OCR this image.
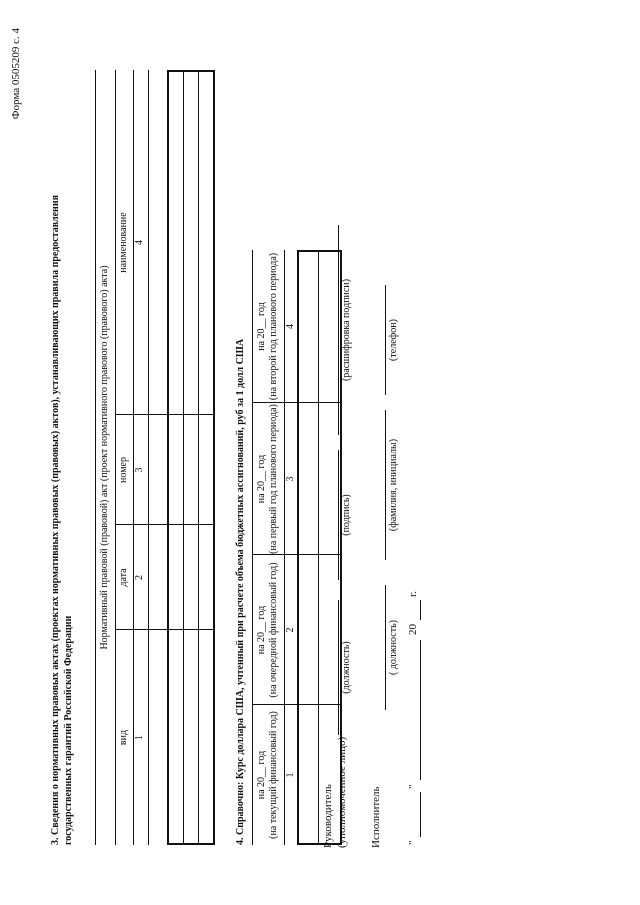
Форма 0505209 с. 4
3. Сведения о нормативных правовых актах (проектах нормативных правовых (правовых) актов), устанавливающих правила предоставления государственных гарантий Российской Федерации
Нормативный правовой (правовой) акт (проект нормативного правового (правового) акта)
вид
дата
номер
наименование
1
2
3
4
4. Справочно: Курс доллара США, учтенный при расчете объема бюджетных ассигнований, руб за 1 долл США на 20__ год (на текущий финансовый год)
на 20__ год (на очередной финансовый год)
на 20__ год (на первый год планового периода)
на 20__ год (на второй год планового периода)
1
2
3
4
Руководитель (уполномоченное лицо)
(должность)
(подпись)
(расшифровка подписи)
Исполнитель
( должность)
(фамилия, инициалы)
(телефон)
"
"
20
г.
